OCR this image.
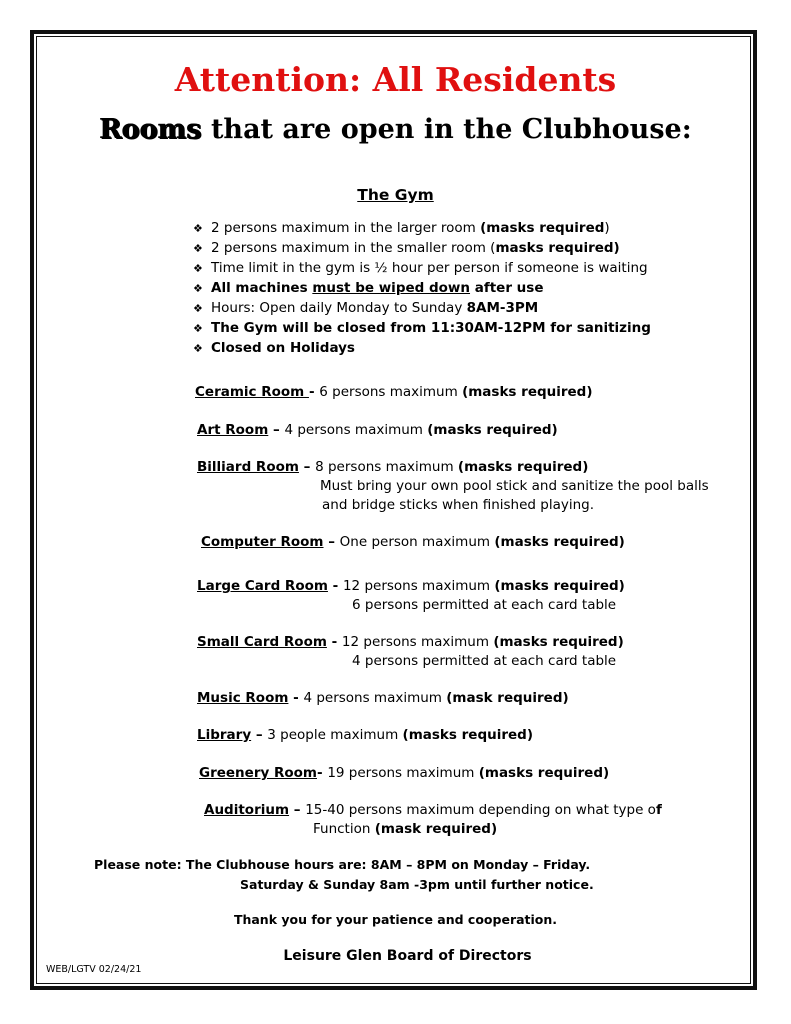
Attention: All Residents
Rooms that are open in the Clubhouse:
The Gym
❖ 2 persons maximum in the larger room (masks required)
❖ 2 persons maximum in the smaller room (masks required)
❖ Time limit in the gym is ½ hour per person if someone is waiting
❖ All machines must be wiped down after use
❖ Hours: Open daily Monday to Sunday 8AM-3PM
❖ The Gym will be closed from 11:30AM-12PM for sanitizing
❖ Closed on Holidays
Ceramic Room - 6 persons maximum (masks required)
Art Room – 4 persons maximum (masks required)
Billiard Room – 8 persons maximum (masks required)
Must bring your own pool stick and sanitize the pool balls
and bridge sticks when finished playing.
Computer Room – One person maximum (masks required)
Large Card Room - 12 persons maximum (masks required)
6 persons permitted at each card table
Small Card Room - 12 persons maximum (masks required)
4 persons permitted at each card table
Music Room - 4 persons maximum (mask required)
Library – 3 people maximum (masks required)
Greenery Room- 19 persons maximum (masks required)
Auditorium – 15-40 persons maximum depending on what type of
Function (mask required)
Please note: The Clubhouse hours are: 8AM – 8PM on Monday – Friday.
Saturday & Sunday 8am -3pm until further notice.
Thank you for your patience and cooperation.
Leisure Glen Board of Directors
WEB/LGTV 02/24/21
